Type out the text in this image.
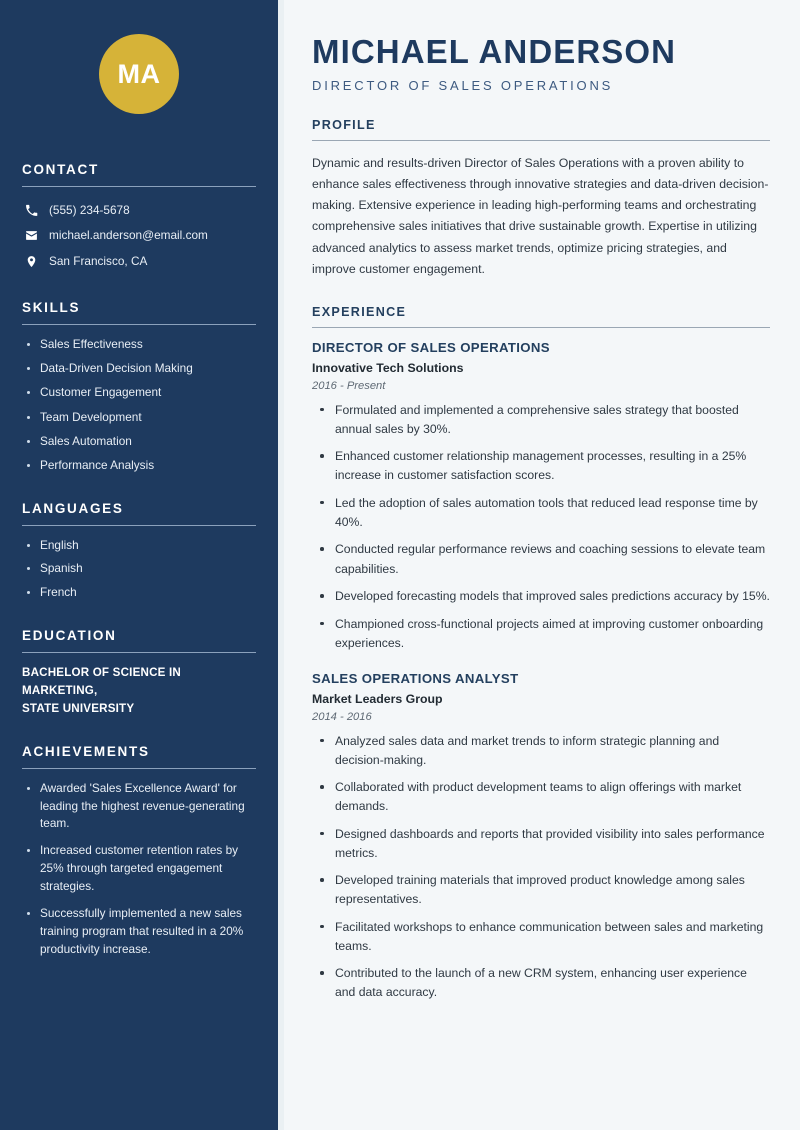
MA
CONTACT
(555) 234-5678
michael.anderson@email.com
San Francisco, CA
SKILLS
Sales Effectiveness
Data-Driven Decision Making
Customer Engagement
Team Development
Sales Automation
Performance Analysis
LANGUAGES
English
Spanish
French
EDUCATION
BACHELOR OF SCIENCE IN MARKETING,
STATE UNIVERSITY
ACHIEVEMENTS
Awarded 'Sales Excellence Award' for leading the highest revenue-generating team.
Increased customer retention rates by 25% through targeted engagement strategies.
Successfully implemented a new sales training program that resulted in a 20% productivity increase.
MICHAEL ANDERSON
DIRECTOR OF SALES OPERATIONS
PROFILE

Dynamic and results-driven Director of Sales Operations with a proven ability to enhance sales effectiveness through innovative strategies and data-driven decision-making. Extensive experience in leading high-performing teams and orchestrating comprehensive sales initiatives that drive sustainable growth. Expertise in utilizing advanced analytics to assess market trends, optimize pricing strategies, and improve customer engagement.

EXPERIENCE
DIRECTOR OF SALES OPERATIONS
Innovative Tech Solutions
2016 - Present
Formulated and implemented a comprehensive sales strategy that boosted annual sales by 30%.
Enhanced customer relationship management processes, resulting in a 25% increase in customer satisfaction scores.
Led the adoption of sales automation tools that reduced lead response time by 40%.
Conducted regular performance reviews and coaching sessions to elevate team capabilities.
Developed forecasting models that improved sales predictions accuracy by 15%.
Championed cross-functional projects aimed at improving customer onboarding experiences.
SALES OPERATIONS ANALYST
Market Leaders Group
2014 - 2016
Analyzed sales data and market trends to inform strategic planning and decision-making.
Collaborated with product development teams to align offerings with market demands.
Designed dashboards and reports that provided visibility into sales performance metrics.
Developed training materials that improved product knowledge among sales representatives.
Facilitated workshops to enhance communication between sales and marketing teams.
Contributed to the launch of a new CRM system, enhancing user experience and data accuracy.
